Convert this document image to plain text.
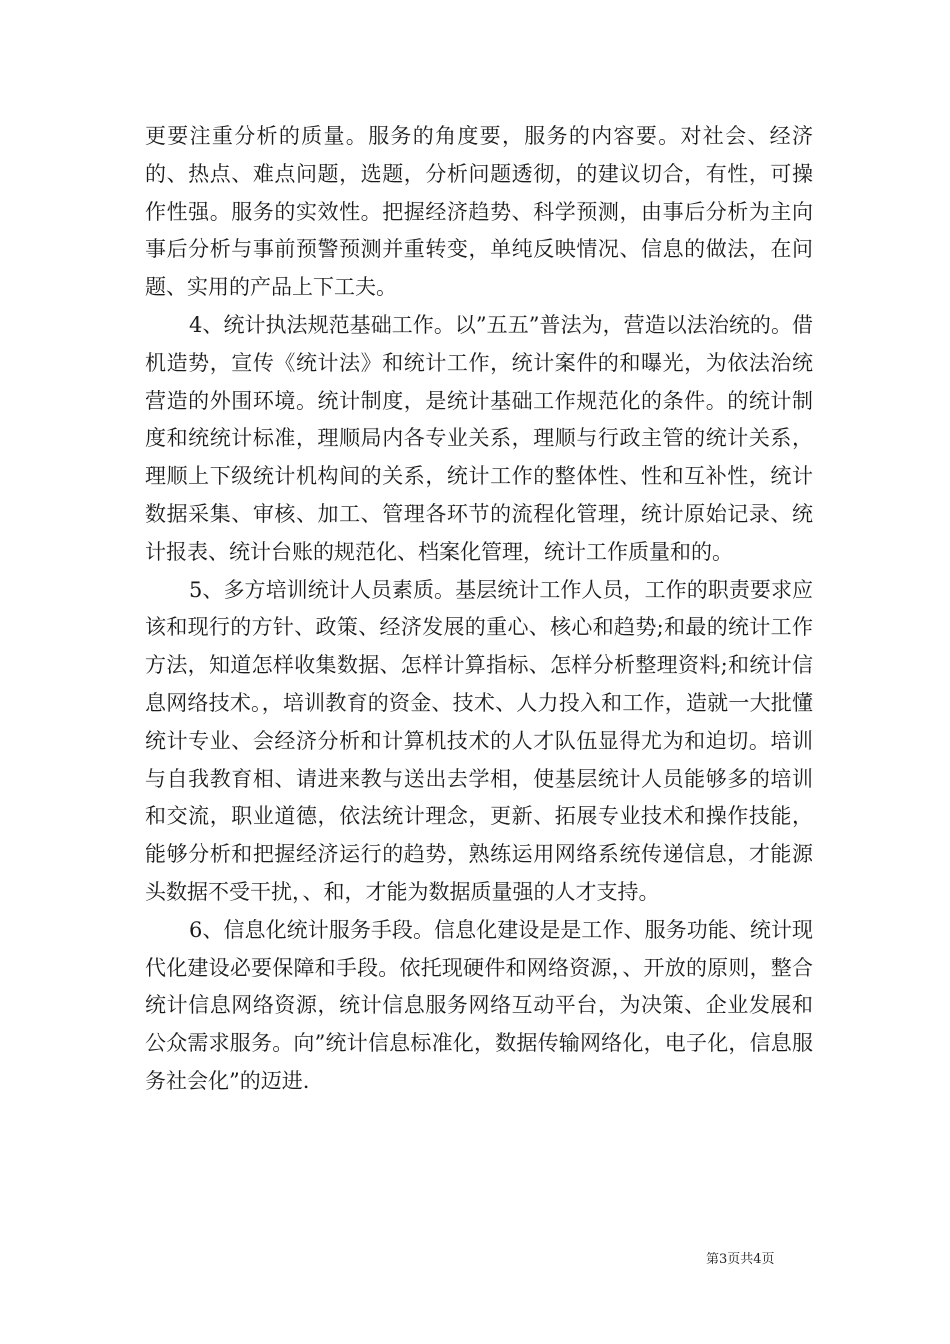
更要注重分析的质量。服务的角度要，服务的内容要。对社会、经济的、热点、难点问题，选题，分析问题透彻，的建议切合，有性，可操作性强。服务的实效性。把握经济趋势、科学预测，由事后分析为主向事后分析与事前预警预测并重转变，单纯反映情况、信息的做法，在问题、实用的产品上下工夫。

4、统计执法规范基础工作。以”五五”普法为，营造以法治统的。借机造势，宣传《统计法》和统计工作，统计案件的和曝光，为依法治统营造的外围环境。统计制度，是统计基础工作规范化的条件。的统计制度和统统计标准，理顺局内各专业关系，理顺与行政主管的统计关系，理顺上下级统计机构间的关系，统计工作的整体性、性和互补性，统计数据采集、审核、加工、管理各环节的流程化管理，统计原始记录、统计报表、统计台账的规范化、档案化管理，统计工作质量和的。

5、多方培训统计人员素质。基层统计工作人员，工作的职责要求应该和现行的方针、政策、经济发展的重心、核心和趋势;和最的统计工作方法，知道怎样收集数据、怎样计算指标、怎样分析整理资料;和统计信息网络技术。，培训教育的资金、技术、人力投入和工作，造就一大批懂统计专业、会经济分析和计算机技术的人才队伍显得尤为和迫切。培训与自我教育相、请进来教与送出去学相，使基层统计人员能够多的培训和交流，职业道德，依法统计理念，更新、拓展专业技术和操作技能，能够分析和把握经济运行的趋势，熟练运用网络系统传递信息，才能源头数据不受干扰，、和，才能为数据质量强的人才支持。

6、信息化统计服务手段。信息化建设是是工作、服务功能、统计现代化建设必要保障和手段。依托现硬件和网络资源，、开放的原则，整合统计信息网络资源，统计信息服务网络互动平台，为决策、企业发展和公众需求服务。向”统计信息标准化，数据传输网络化，电子化，信息服务社会化”的迈进.

第3页共4页
